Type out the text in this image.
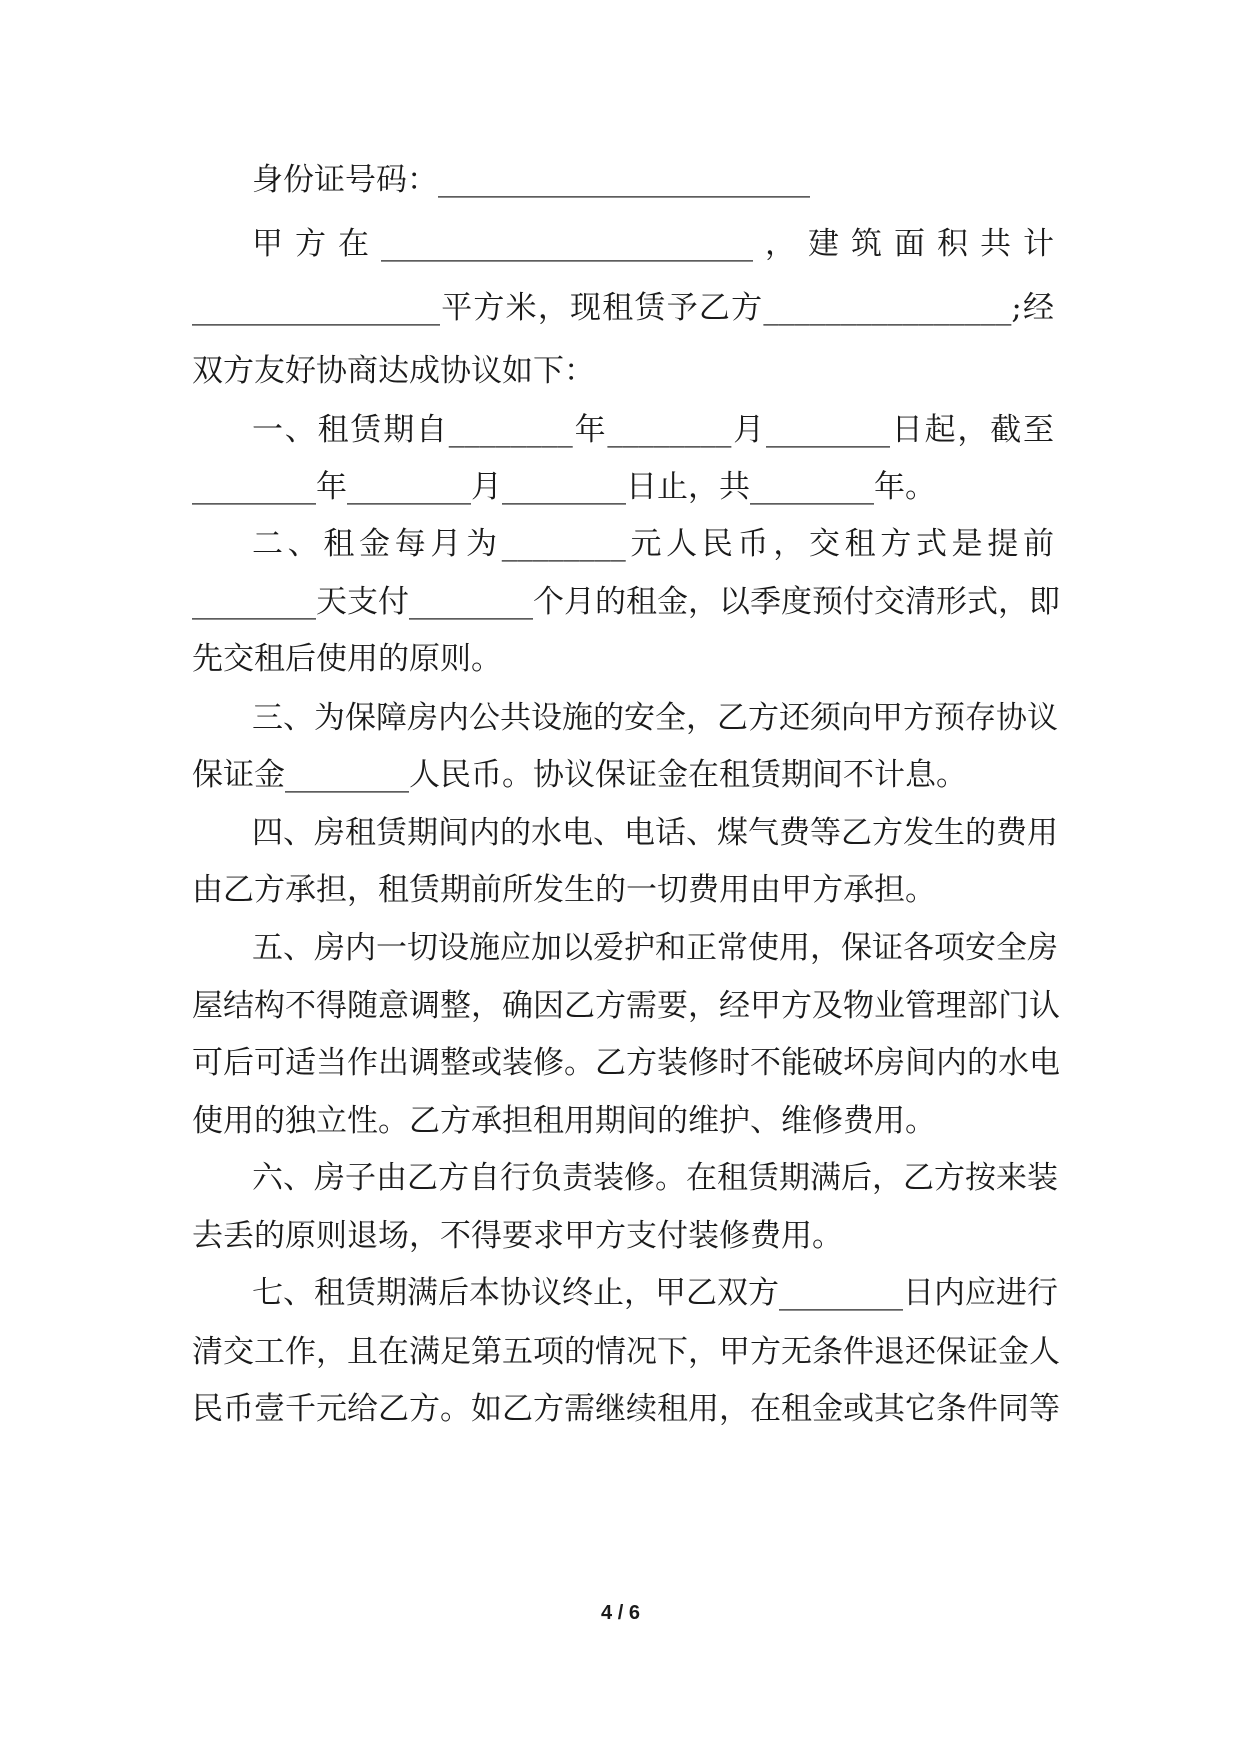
身份证号码：________________________
甲方在________________________，建筑面积共计
________________平方米，现租赁予乙方________________;经
双方友好协商达成协议如下：
一、租赁期自________年________月________日起，截至
________年________月________日止，共________年。
二、租金每月为________元人民币，交租方式是提前
________天支付________个月的租金，以季度预付交清形式，即
先交租后使用的原则。
三、为保障房内公共设施的安全，乙方还须向甲方预存协议
保证金________人民币。协议保证金在租赁期间不计息。
四、房租赁期间内的水电、电话、煤气费等乙方发生的费用
由乙方承担，租赁期前所发生的一切费用由甲方承担。
五、房内一切设施应加以爱护和正常使用，保证各项安全房
屋结构不得随意调整，确因乙方需要，经甲方及物业管理部门认
可后可适当作出调整或装修。乙方装修时不能破坏房间内的水电
使用的独立性。乙方承担租用期间的维护、维修费用。
六、房子由乙方自行负责装修。在租赁期满后，乙方按来装
去丢的原则退场，不得要求甲方支付装修费用。
七、租赁期满后本协议终止，甲乙双方________日内应进行
清交工作，且在满足第五项的情况下，甲方无条件退还保证金人
民币壹千元给乙方。如乙方需继续租用，在租金或其它条件同等
4 / 6
